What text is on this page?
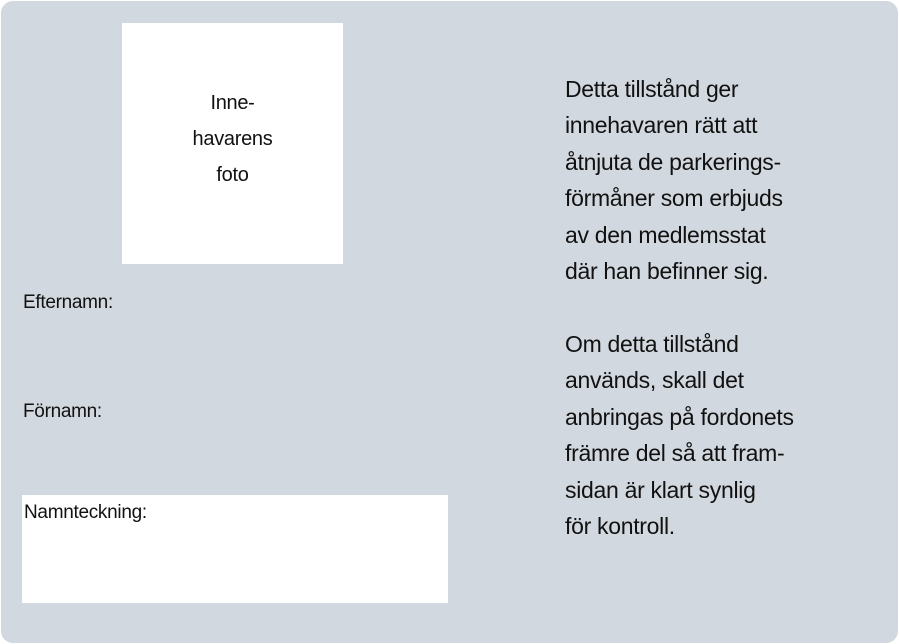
Inne-
havarens
foto

Efternamn:

Förnamn:

Namnteckning:

Detta tillstånd ger
innehavaren rätt att
åtnjuta de parkerings-
förmåner som erbjuds
av den medlemsstat
där han befinner sig.

Om detta tillstånd
används, skall det
anbringas på fordonets
främre del så att fram-
sidan är klart synlig
för kontroll.
